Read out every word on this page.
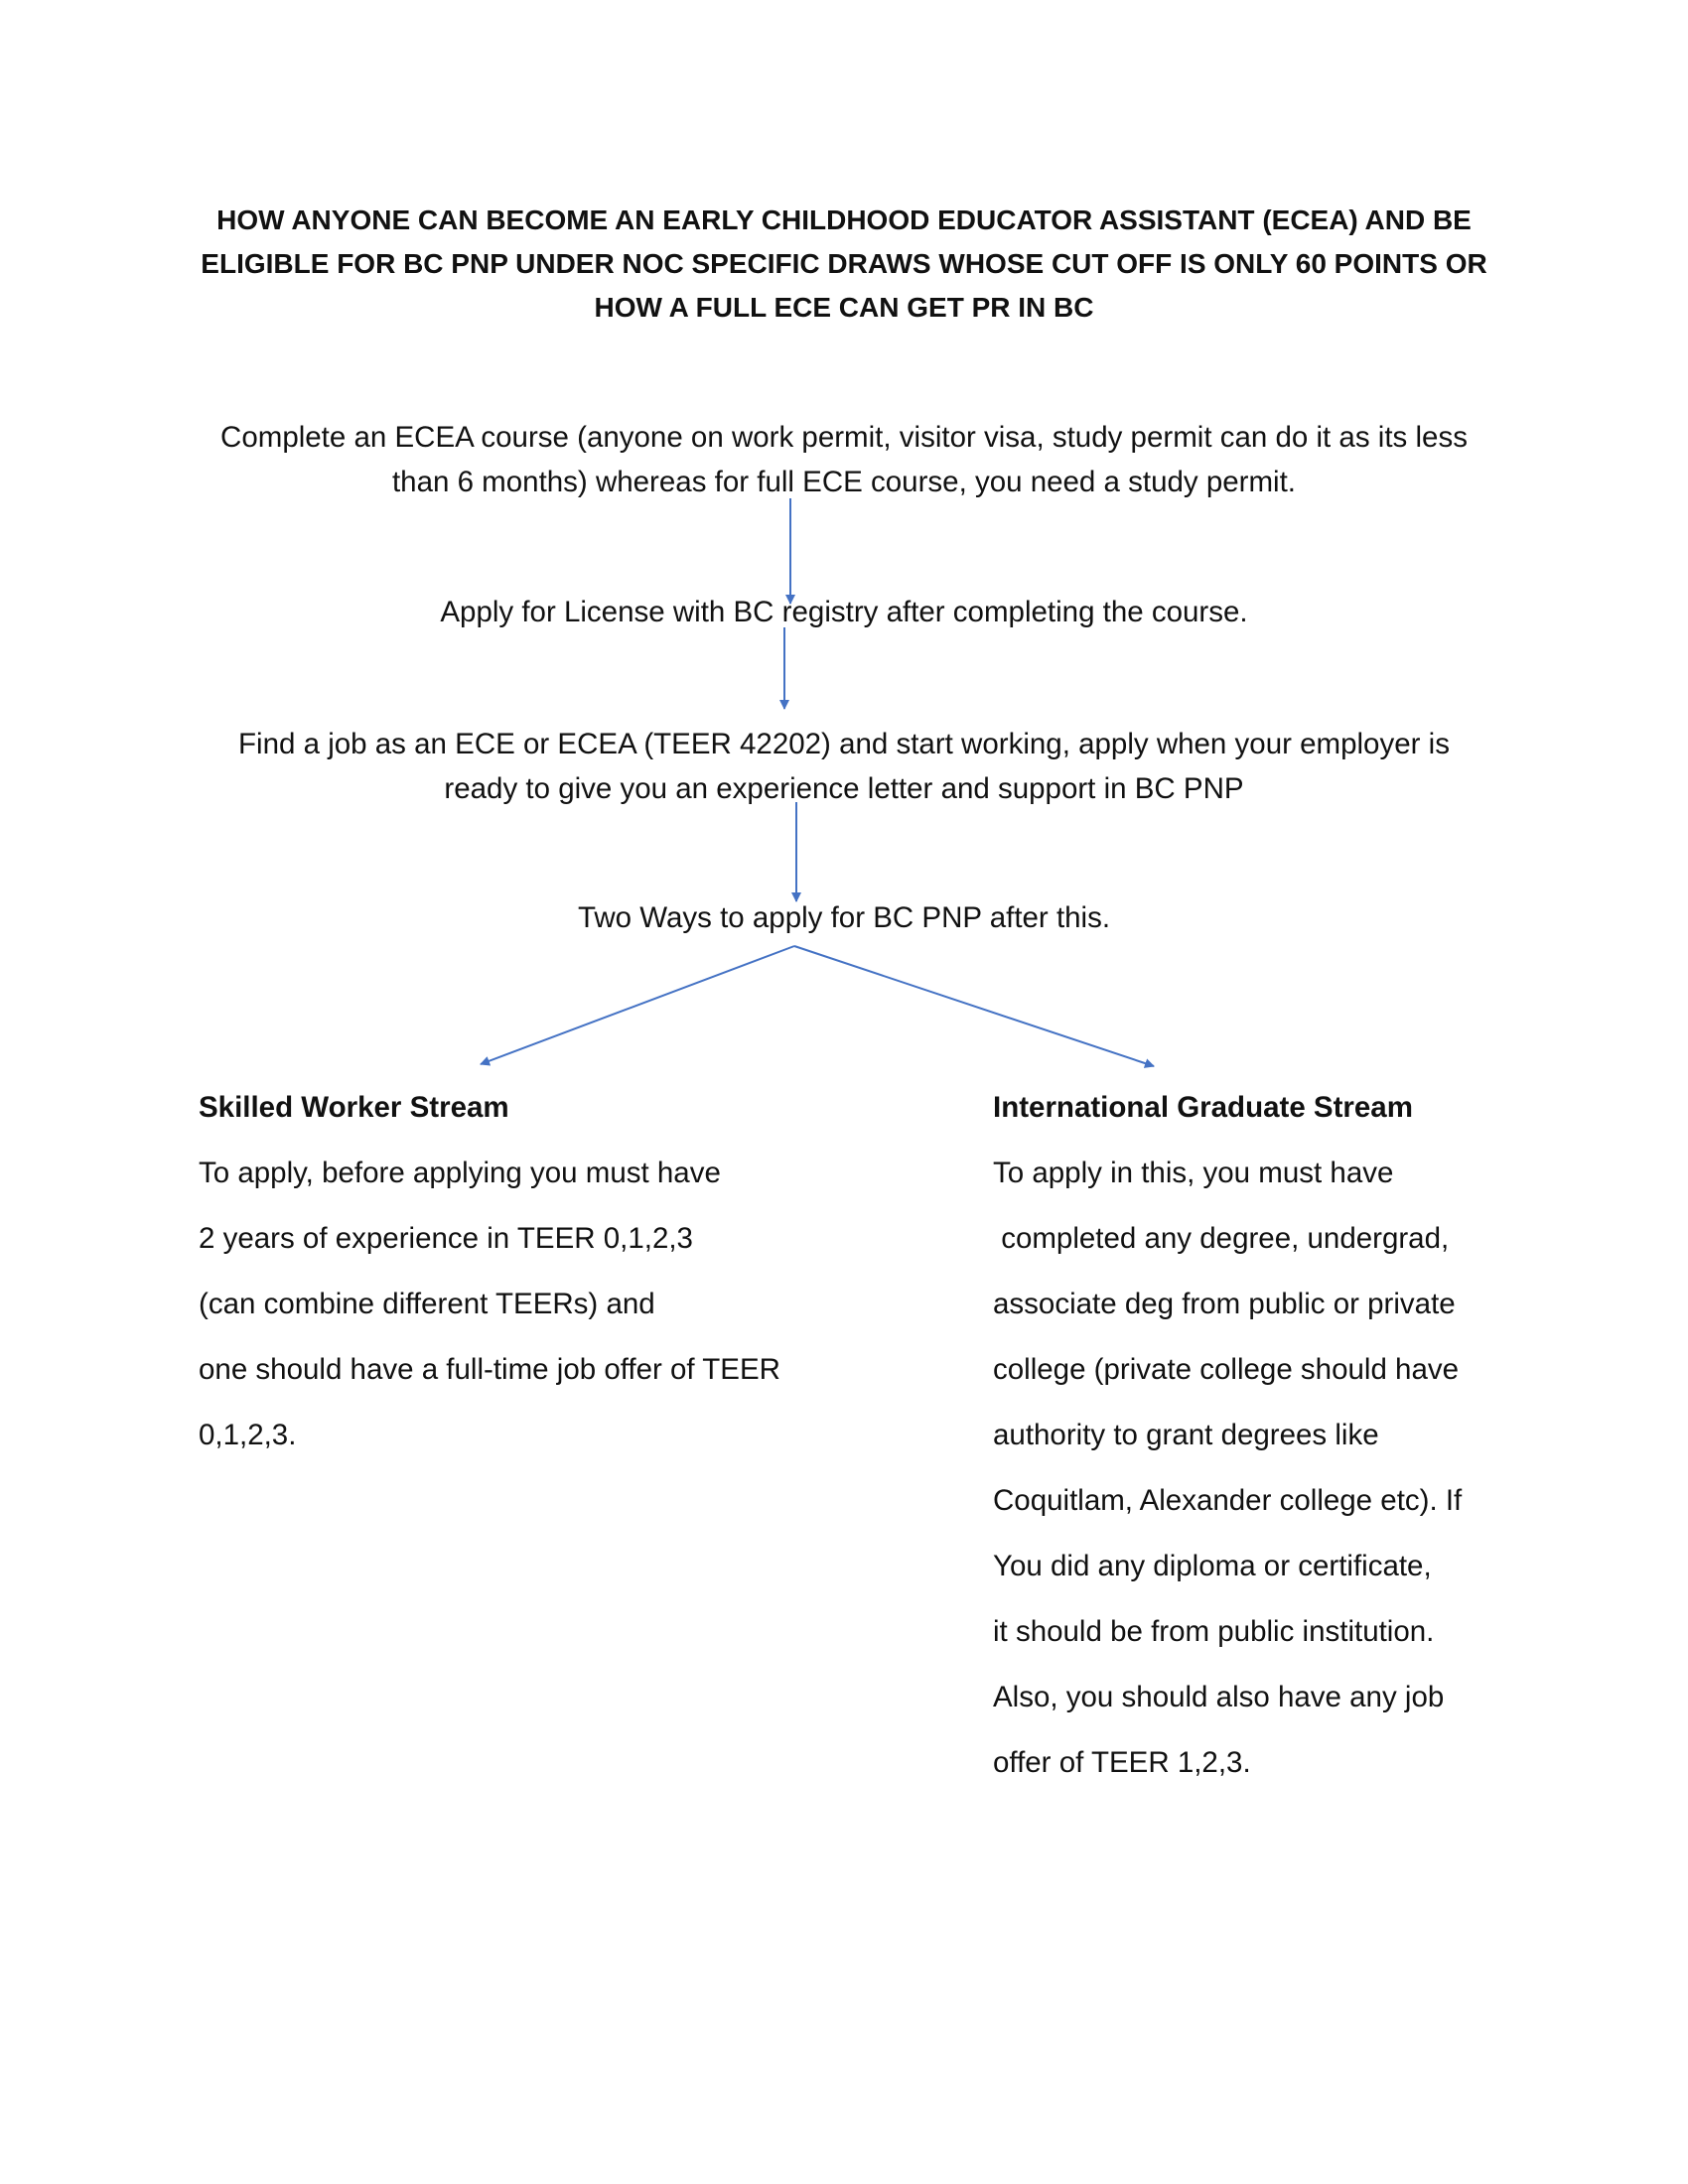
HOW ANYONE CAN BECOME AN EARLY CHILDHOOD EDUCATOR ASSISTANT (ECEA) AND BE
ELIGIBLE FOR BC PNP UNDER NOC SPECIFIC DRAWS WHOSE CUT OFF IS ONLY 60 POINTS OR
HOW A FULL ECE CAN GET PR IN BC
Complete an ECEA course (anyone on work permit, visitor visa, study permit can do it as its less
than 6 months) whereas for full ECE course, you need a study permit.
Apply for License with BC registry after completing the course.
Find a job as an ECE or ECEA (TEER 42202) and start working, apply when your employer is
ready to give you an experience letter and support in BC PNP
Two Ways to apply for BC PNP after this.
Skilled Worker Stream
To apply, before applying you must have
2 years of experience in TEER 0,1,2,3
(can combine different TEERs) and
one should have a full-time job offer of TEER
0,1,2,3.
International Graduate Stream
To apply in this, you must have
completed any degree, undergrad,
associate deg from public or private
college (private college should have
authority to grant degrees like
Coquitlam, Alexander college etc). If
You did any diploma or certificate,
it should be from public institution.
Also, you should also have any job
offer of TEER 1,2,3.
